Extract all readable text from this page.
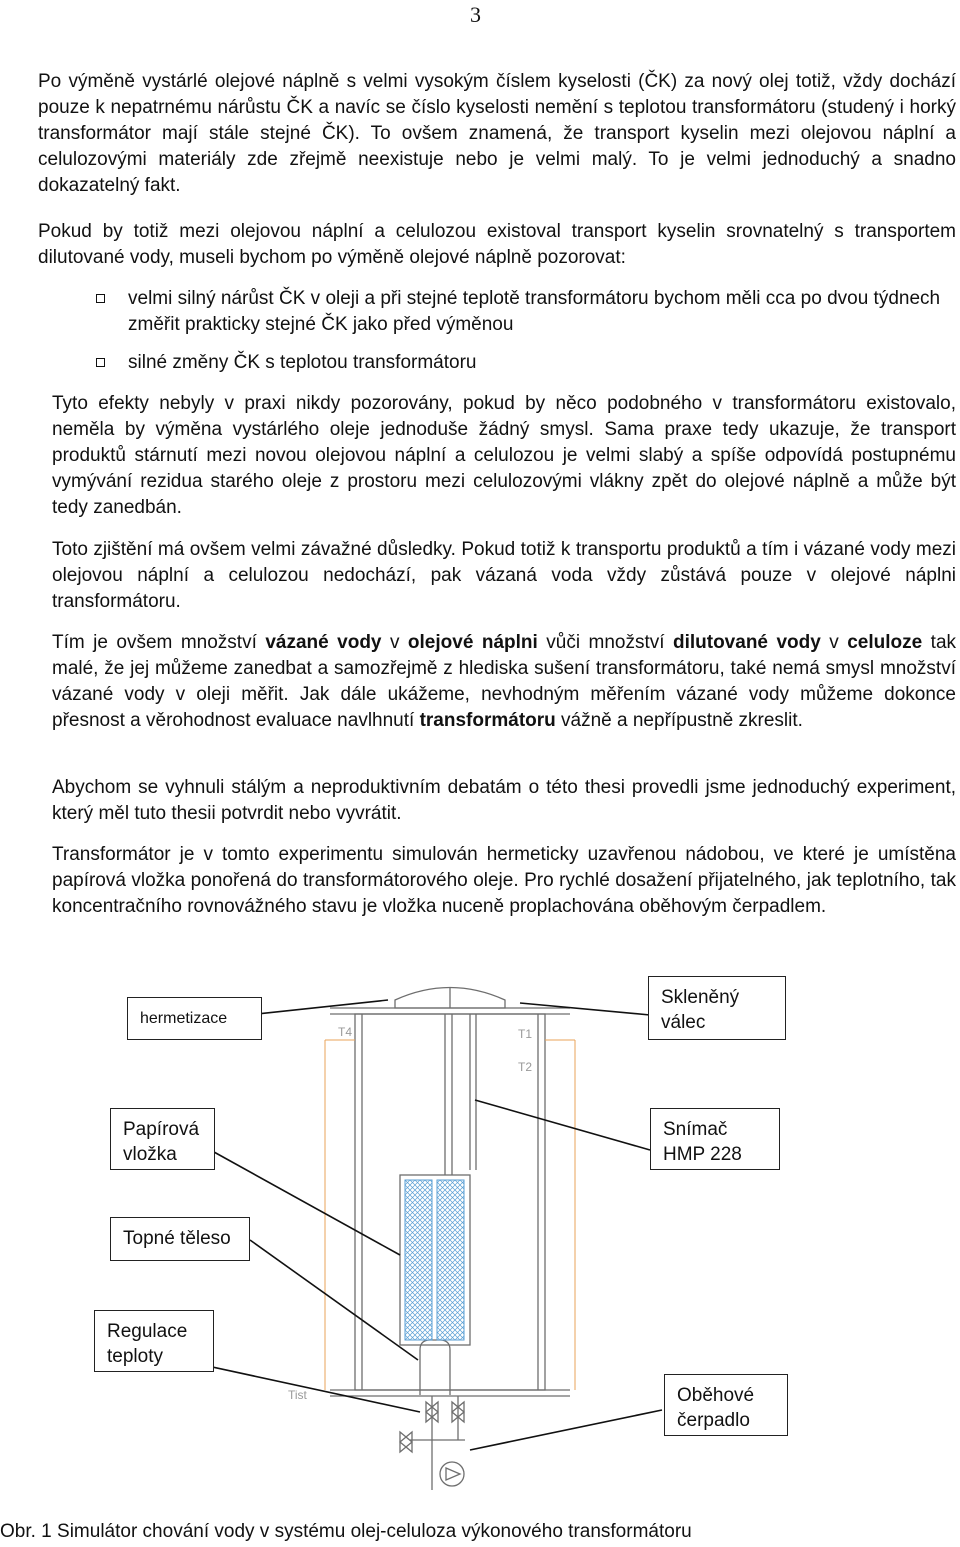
3

Po výměně vystárlé olejové náplně s velmi vysokým číslem kyselosti (ČK) za nový olej totiž, vždy dochází pouze k nepatrnému nárůstu ČK a navíc se číslo kyselosti nemění s teplotou transformátoru (studený i horký transformátor mají stále stejné ČK). To ovšem znamená, že transport kyselin mezi olejovou náplní a celulozovými materiály zde zřejmě neexistuje nebo je velmi malý. To je velmi jednoduchý a snadno dokazatelný fakt.

Pokud by totiž mezi olejovou náplní a celulozou existoval transport kyselin srovnatelný s transportem dilutované vody, museli bychom po výměně olejové náplně pozorovat:

velmi silný nárůst ČK v oleji a při stejné teplotě transformátoru bychom měli cca po dvou týdnech změřit prakticky stejné ČK jako před výměnou

silné změny ČK s teplotou transformátoru

Tyto efekty nebyly v praxi nikdy pozorovány, pokud by něco podobného v transformátoru existovalo, neměla by výměna vystárlého oleje jednoduše žádný smysl. Sama praxe tedy ukazuje, že transport produktů stárnutí mezi novou olejovou náplní a celulozou je velmi slabý a spíše odpovídá postupnému vymývání rezidua starého oleje z prostoru mezi celulozovými vlákny zpět do olejové náplně a může být tedy zanedbán.

Toto zjištění má ovšem velmi závažné důsledky. Pokud totiž k transportu produktů a tím i vázané vody mezi olejovou náplní a celulozou nedochází, pak vázaná voda vždy zůstává pouze v olejové náplni transformátoru.

Tím je ovšem množství vázané vody v olejové náplni vůči množství dilutované vody v celuloze tak malé, že jej můžeme zanedbat a samozřejmě z hlediska sušení transformátoru, také nemá smysl množství vázané vody v oleji měřit. Jak dále ukážeme, nevhodným měřením vázané vody můžeme dokonce přesnost a věrohodnost evaluace navlhnutí transformátoru vážně a nepřípustně zkreslit.

Abychom se vyhnuli stálým a neproduktivním debatám o této thesi provedli jsme jednoduchý experiment, který měl tuto thesii potvrdit nebo vyvrátit.

Transformátor je v tomto experimentu simulován hermeticky uzavřenou nádobou, ve které je umístěna papírová vložka ponořená do transformátorového oleje. Pro rychlé dosažení přijatelného, jak teplotního, tak koncentračního rovnovážného stavu je vložka nuceně proplachována oběhovým čerpadlem.

T4	T1
T2
Tist
hermetizace
Skleněný
válec
Papírová
vložka
Snímač
HMP 228
Topné těleso
Regulace
teploty
Oběhové
čerpadlo
Obr. 1 Simulátor chování vody v systému olej-celuloza výkonového transformátoru
